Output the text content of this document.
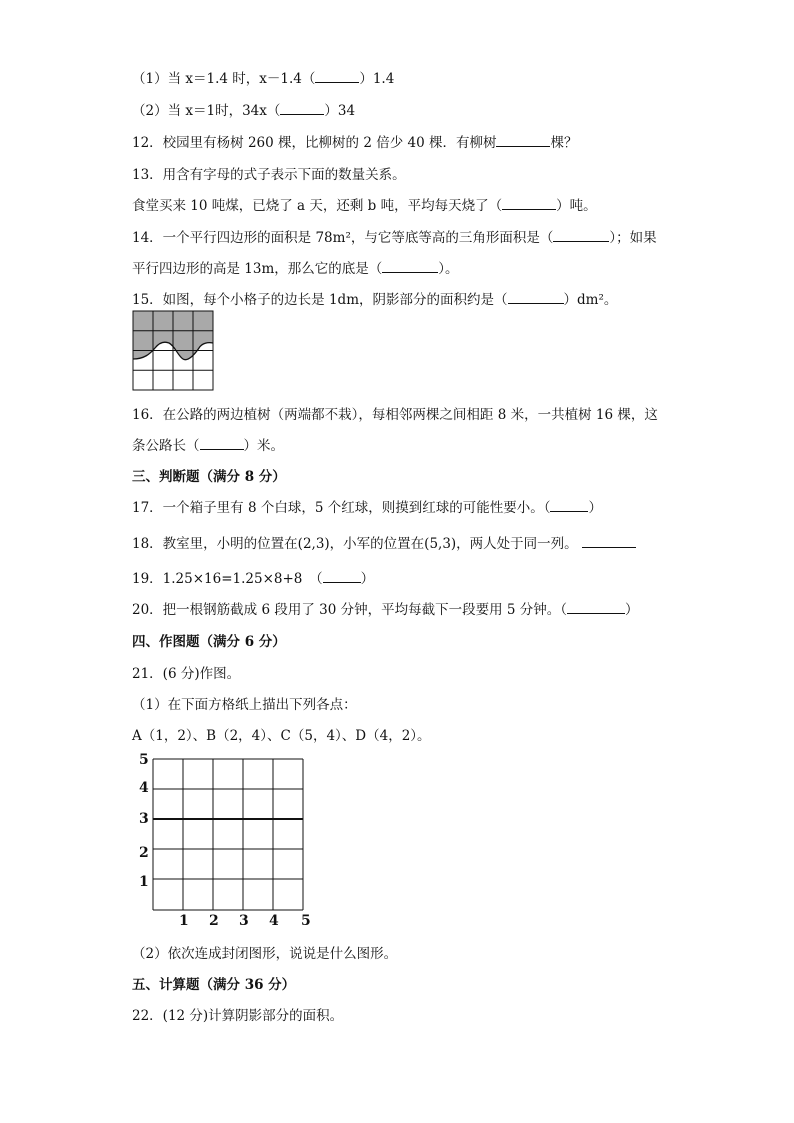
（1）当 x＝1.4 时，x－1.4（	）1.4
（2）当 x＝1时，34x（	）34
12．校园里有杨树 260 棵，比柳树的 2 倍少 40 棵．有柳树	棵？
13．用含有字母的式子表示下面的数量关系。
食堂买来 10 吨煤，已烧了 a 天，还剩 b 吨，平均每天烧了（	）吨。
14．一个平行四边形的面积是 78m²，与它等底等高的三角形面积是（	）；如果
平行四边形的高是 13m，那么它的底是（	）。
15．如图，每个小格子的边长是 1dm，阴影部分的面积约是（	）dm²。
16．在公路的两边植树（两端都不栽），每相邻两棵之间相距 8 米，一共植树 16 棵，这
条公路长（	）米。
三、判断题（满分 8 分）
17．一个箱子里有 8 个白球，5 个红球，则摸到红球的可能性要小。（	）
18．教室里，小明的位置在(2,3)，小军的位置在(5,3)，两人处于同一列。
19．1.25×16=1.25×8+8　（	）
20．把一根钢筋截成 6 段用了 30 分钟，平均每截下一段要用 5 分钟。（	）
四、作图题（满分 6 分）
21．(6 分)作图。
（1）在下面方格纸上描出下列各点：
A（1，2）、B（2，4）、C（5，4）、D（4，2）。
5
4
3
2
1
1 2 3 4 5
（2）依次连成封闭图形，说说是什么图形。
五、计算题（满分 36 分）
22．(12 分)计算阴影部分的面积。
